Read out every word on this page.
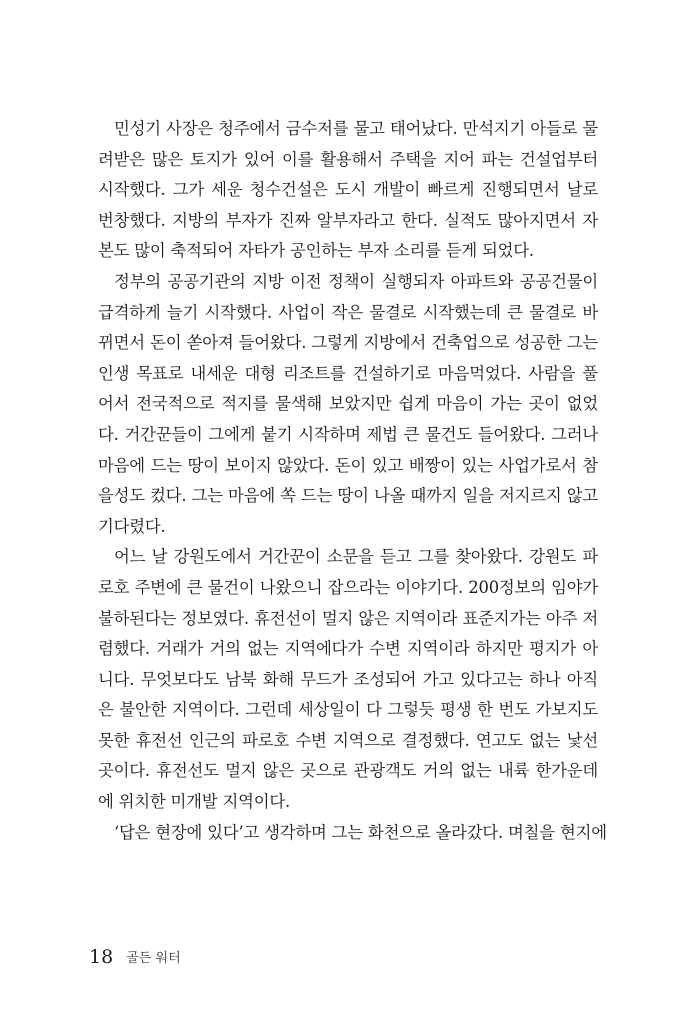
민성기 사장은 청주에서 금수저를 물고 태어났다. 만석지기 아들로 물
려받은 많은 토지가 있어 이를 활용해서 주택을 지어 파는 건설업부터
시작했다. 그가 세운 청수건설은 도시 개발이 빠르게 진행되면서 날로
번창했다. 지방의 부자가 진짜 알부자라고 한다. 실적도 많아지면서 자
본도 많이 축적되어 자타가 공인하는 부자 소리를 듣게 되었다.
정부의 공공기관의 지방 이전 정책이 실행되자 아파트와 공공건물이
급격하게 늘기 시작했다. 사업이 작은 물결로 시작했는데 큰 물결로 바
뀌면서 돈이 쏟아져 들어왔다. 그렇게 지방에서 건축업으로 성공한 그는
인생 목표로 내세운 대형 리조트를 건설하기로 마음먹었다. 사람을 풀
어서 전국적으로 적지를 물색해 보았지만 쉽게 마음이 가는 곳이 없었
다. 거간꾼들이 그에게 붙기 시작하며 제법 큰 물건도 들어왔다. 그러나
마음에 드는 땅이 보이지 않았다. 돈이 있고 배짱이 있는 사업가로서 참
을성도 컸다. 그는 마음에 쏙 드는 땅이 나올 때까지 일을 저지르지 않고
기다렸다.
어느 날 강원도에서 거간꾼이 소문을 듣고 그를 찾아왔다. 강원도 파
로호 주변에 큰 물건이 나왔으니 잡으라는 이야기다. 200정보의 임야가
불하된다는 정보였다. 휴전선이 멀지 않은 지역이라 표준지가는 아주 저
렴했다. 거래가 거의 없는 지역에다가 수변 지역이라 하지만 평지가 아
니다. 무엇보다도 남북 화해 무드가 조성되어 가고 있다고는 하나 아직
은 불안한 지역이다. 그런데 세상일이 다 그렇듯 평생 한 번도 가보지도
못한 휴전선 인근의 파로호 수변 지역으로 결정했다. 연고도 없는 낯선
곳이다. 휴전선도 멀지 않은 곳으로 관광객도 거의 없는 내륙 한가운데
에 위치한 미개발 지역이다.
‘답은 현장에 있다’고 생각하며 그는 화천으로 올라갔다. 며칠을 현지에
18 골든 워터
